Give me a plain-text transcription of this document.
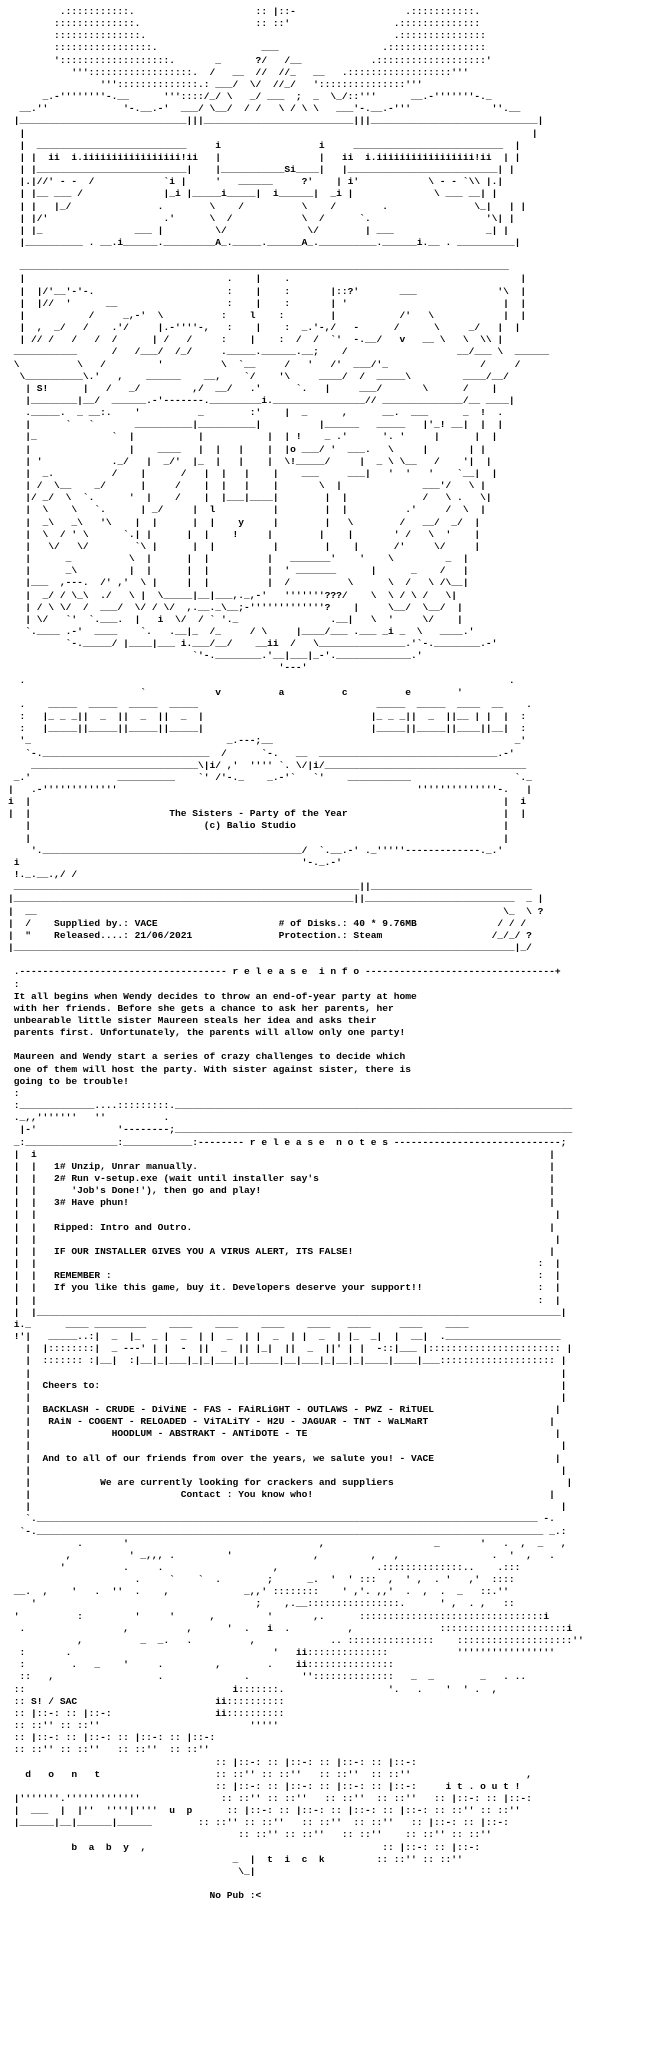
.:::::::::::.                     :: |::-                   .:::::::::::.
::::::::::::::.                    :: ::'                  .::::::::::::::
:::::::::::::::.                                           .:::::::::::::::
:::::::::::::::::.                  ___                  .:::::::::::::::::
':::::::::::::::::::.       _      ?/   /__            .:::::::::::::::::::'
'''::::::::::::::::::.  /   __  //  //_   __   .::::::::::::::::::'''
'''::::::::::::::.: ___/  \/  //_/   ':::::::::::::::'''
_.-''''''''-.__      '''::::/_/ \   _/ ___  ;  _  \_/::'''      __.-'''''''-._
__.''             '-.__.-'  ___/ \__/  / /   \ / \ \   ___'-.__.-'''              ''.__
|_____________________________|||__________________________|||_____________________________|
|                                                                                        |
|  __________________________     i                 i     __________________________  |
| |  ii  i.iiiiiiiiiiiiiiiii!ii   |                 |   ii  i.iiiiiiiiiiiiiiiii!ii  | |
| |__________________________|    |___________Si____|   |__________________________| |
|.|//' - -  /            `i |     '   ______     ?'    | i'            \ - - `\\ |.|
| |__ ___ /              |_i |_____i_____|  i______|  _i |              \ ___ __| |
| |   |_/               .        \    /          \    /        .               \_|   | |
| |/'                    .'      \  /            \  /      `.                    '\| |
| |_                ___ |         \/              \/        | ___                _| |
|__________ . __.i______._________A_._____.______A_.__________.______i.__ . __________|

_____________________________________________________________________________________
|                                   .    |    .                                        |
|  |/'__'-'-.                       :    |    :       |::?'       ___              '\  |
|  |//  '      __                   :    |    :       | '                           |  |
|           /     _,-'  \          :    l    :        |           /'   \            |  |
|  ,  _/   /    .'/     |.-''''-,   :    |    :  _.'-,/   -      /      \     _/   |  |
| // /   /   /  /      | /   /     :    |    :  /  /  `'  -.__/   v   __ \   \  \\ |
___________      /   /___/  /_/     ._____.______.__;    /                   __/___ \  ______
\          \   /         '          \  `__     /   '   /'  ___/'_                /     /
\__________\.'   ,    ______    __,    `/    '\     ____/  /  _____\         ____/__/
| S!      |   /   _/         ,/  __/   .'      `.   |     ___/       \      /    |
|________|__/  ______.-'-------._________i.________________// ______________/__ ____|
._____.  _ __:.    '          _        :'    |  _      ,      __.  ___      _  !  .
|      `   `       __________|__________|          |______   _____   |'_! __|  |  |
|_             `  |           |           |  | !    _ .'      '. '     |      |  |
|                 |    ____   |  |   |    |  |o ___/ '  ___.   \     |       | |
| '            ._/   |  _/'  |_  |   |    |  \!_____/     |  _ \ \__   /    '|  |
|  _.          /    |      /   |  |   |    |    ___     ___|   '  '   '    `__|  |
| /  \__    _/      |     /    |  |   |    |       \  |              ___'/   \ |
|/ _/  \  `.      '  |    /    |  |___|____|        |  |             /   \ .   \|
|  \    \   `.      | _/     |  l          |        |  |          .'     /  \  |
|  _\   _\   '\    |  |      |  |    y     |        |   \        /   __/  _/  |
|  \  / ' \      `.| |      |  |    !     |        |    |       ' /   \  '    |
|   \/   \/        `\ |      |  |          |        |    |      /'     \/     |
|      _          \  |      |  |          |   _______'    '    \         _  |
|      _\         |  |      |  |          |  ' _______      |      _    /   |
|___  ,---.  /' ,'  \ |     |  |          |  /          \      \  /   \ /\__|
|  _/ / \_\  ./   \ |  \_____|__|___,._,-'   '''''''???/    \  \ / \ /   \|
| / \ \/  /  ___/  \/ / \/  ,.__._\__;-'''''''''''''?    |     \__/  \__/  |
| \/   `'  `.___.  |   i  \/  / ` '._                .__|   \  '     \/    |
`.____ .-'  ____    `.   .__|_  /_     / \     |____/___ .___ _i _  \   ____.'
`-._____/ |____|___ i.___/__/    __ii  /   \_______________.'`-.________.-'
`'-.________.'__|___|_-'._____________.'
'---'
.                                                                                    .
`            v          a          c          e        '
.    _____  _____  _____  _____                               _____  _____  ____  __    .
:   |_ _ _||  _  ||  _  ||  _  |                             |_ _ _||  _  ||__ | |  |  :
:   |_____||_____||_____||_____|                             |_____||_____||____||__|  :
'_                                  _.---;__                                          _'
`-._____________________________  /      `-.   __  _______________________________.-'
_____________________________\|i/ ,'  '''' `. \/|i/___________________________________
_.'               __________    `' /'-._    _.-'`   `'    ___________                  `._
|   .-'''''''''''''                                                    ''''''''''''''-.   |
i  |                                                                                  |  i
|  |                        The Sisters - Party of the Year                           |  |
|                              (c) Balio Studio                                    |
|                                                                                  |
'._____________________________________________/  `.__.-' ._'''''-------------._.'
i                                                 '-._.-'
!._.__.,/ /
____________________________________________________________||____________________________
|___________________________________________________________||__________________________  _ |
|  __                                                                                 \_  \ ?
|  /    Supplied by.: VACE                     # of Disks.: 40 * 9.76MB              / / /
|  "    Released....: 21/06/2021               Protection.: Steam                   /_/_/ ?
|_______________________________________________________________________________________|_/

.------------------------------------ r e l e a s e  i n f o ---------------------------------+
:
It all begins when Wendy decides to throw an end-of-year party at home
with her friends. Before she gets a chance to ask her parents, her
unbearable little sister Maureen steals her idea and asks their
parents first. Unfortunately, the parents will allow only one party!

Maureen and Wendy start a series of crazy challenges to decide which
one of them will host the party. With sister against sister, there is
going to be trouble!
:
:_____________....:::::::::._____________________________________________________________________
._,,'''''''   ''          .
|-'              '--------;_____________________________________________________________________
_:________________:____________:-------- r e l e a s e  n o t e s -----------------------------;
|  i                                                                                         |
|  |   1# Unzip, Unrar manually.                                                             |
|  |   2# Run v-setup.exe (wait until installer say's                                        |
|  |      'Job's Done!'), then go and play!                                                  |
|  |   3# Have phun!                                                                         |
|  |                                                                                          |
|  |   Ripped: Intro and Outro.                                                              |
|  |                                                                                          |
|  |   IF OUR INSTALLER GIVES YOU A VIRUS ALERT, ITS FALSE!                                  |
|  |                                                                                       :  |
|  |   REMEMBER :                                                                          :  |
|  |   If you like this game, buy it. Developers deserve your support!!                    :  |
|  |                                                                                       :  |
|  |___________________________________________________________________________________________|
i._      ____ _________    ____    ____    ____    ____   ____     ____    ____
!'|   _____..:|  _  |_  _ |  _  | |  _  | |  _  | |  _  | |_  _|  |  __|  .____________________
|  |::::::::|  _ ---' | |  -  ||  _  || |_|  ||  _  ||' | |  -::|___ |::::::::::::::::::::::: |
|  ::::::: :|__|  :|__|_|___|_|_|___|_|_____|__|___|_|__|_|____|____|___:::::::::::::::::::: |
|                                                                                            |
|  Cheers to:                                                                                |
|                                                                                            |
|  BACKLASH - CRUDE - DiViNE - FAS - FAiRLiGHT - OUTLAWS - PWZ - RiTUEL                     |
|   RAiN - COGENT - RELOADED - ViTALiTY - H2U - JAGUAR - TNT - WaLMaRT                     |
|              HOODLUM - ABSTRAKT - ANTiDOTE - TE                                           |
|                                                                                            |
|  And to all of our friends from over the years, we salute you! - VACE                     |
|                                                                                            |
|            We are currently looking for crackers and suppliers                              |
|                          Contact : You know who!                                         |
|                                                                                            |
`._______________________________________________________________________________________ -.
`-.________________________________________________________________________________________ _.:
.       '                                 ,                   _       '   .  ,  _   ,
,          ' _,,, .         '              ,         ,   ,                .  '  ,   .
'          .     .                   ,                 .::::::::::::::..    .:::
.     `    `  .        ;      _.  '  ' :::  ,  ' ,  . '   ,'  ::::
__.  ,    '   .  ''  .    ,             _,,' ::::::::    ' ,'. ,,'  .  ,  .  _   ::.''
'                                      ;    ,.__::::::::::::::::.      ' ,  . ,   ::
'          :         '     '      ,         '       ,.      ::::::::::::::::::::::::::::::::i
.                 ,          ,      '  .   i  .          ,               ::::::::::::::::::::::i
,          _  _.   .          ,             .. :::::::::::::::    ::::::::::::::::::::''
:       .                                   '   ii::::::::::::::            '''''''''''''''''
:        .   _    '     .         ,        .    ii:::::::::::::::
::   ,                  .              .         ''::::::::::::::   _  _        _   . ..
::                                    i:::::::.                  '.   .    '  ' .  ,
:: S! / SAC                        ii::::::::::
:: |::-: :: |::-:                  ii::::::::::
:: ::'' :: ::''                          '''''
:: |::-: :: |::-: :: |::-: :: |::-:
:: ::'' :: ::''   :: ::''  :: ::''
:: |::-: :: |::-: :: |::-: :: |::-:
d   o   n   t                    :: ::'' :: ::''   :: ::''  :: ::''                    ,
:: |::-: :: |::-: :: |::-: :: |::-:     i t . o u t !
|'''''''.'''''''''''''              :: ::'' :: ::''   :: ::''  :: ::''   :: |::-: :: |::-:
|  ___  |  |''  ''''|''''  u  p      :: |::-: :: |::-: :: |::-: :: |::-: :: ::'' :: ::''
|______|__|______|______        :: ::'' :: ::''   :: ::''  :: ::''   :: |::-: :: |::-:
:: ::'' :: ::''   :: ::''    :: ::'' :: ::''
b  a  b  y  ,                                         :: |::-: :: |::-:
_  |  t  i  c  k         :: ::'' :: ::''
\_|

No Pub :<
